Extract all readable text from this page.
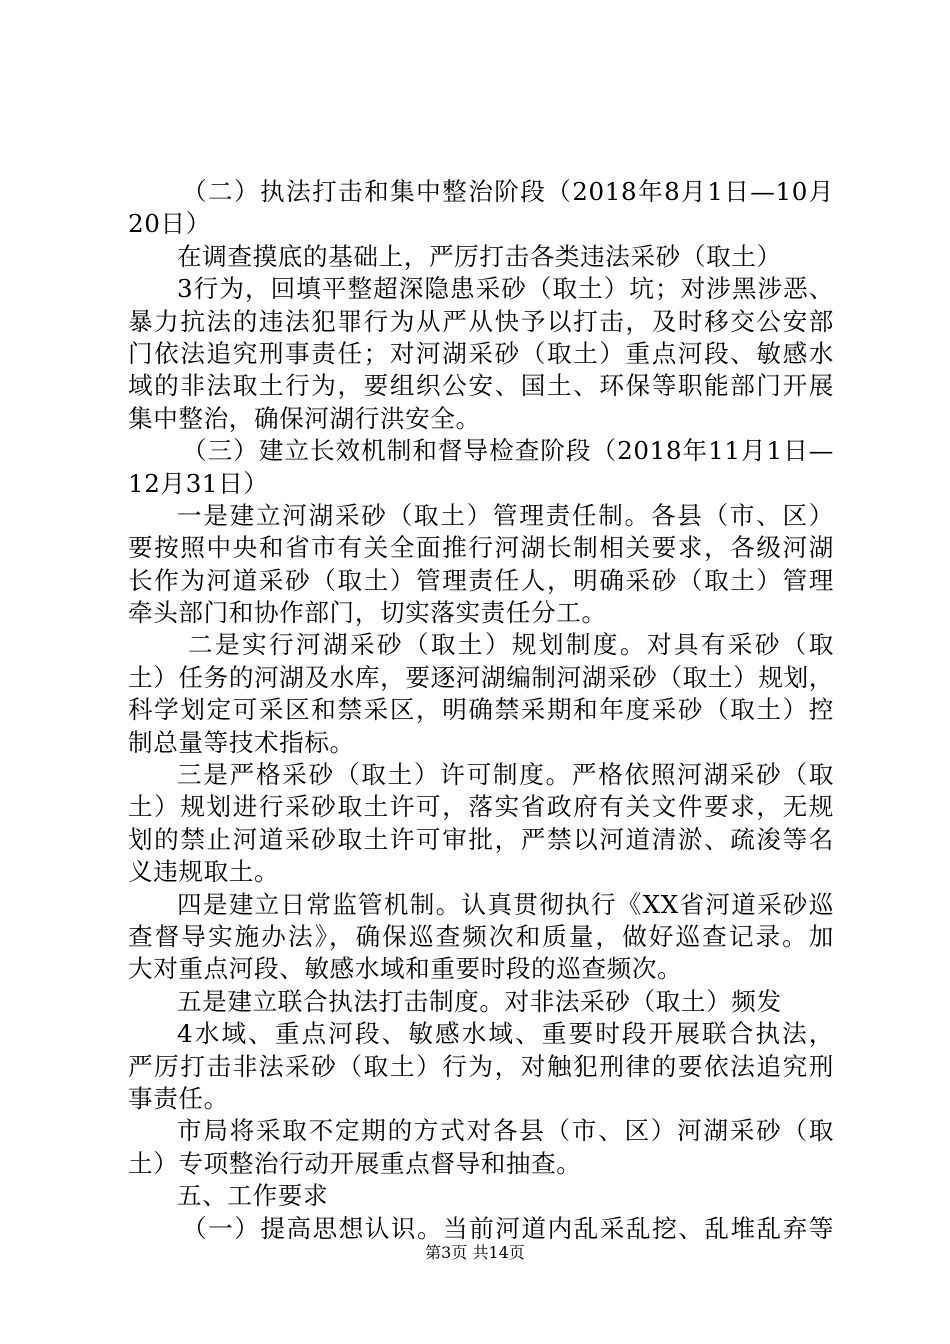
（二）执法打击和集中整治阶段（2018年8月1日—10月
20日）
在调查摸底的基础上，严厉打击各类违法采砂（取土）
3行为，回填平整超深隐患采砂（取土）坑；对涉黑涉恶、
暴力抗法的违法犯罪行为从严从快予以打击，及时移交公安部
门依法追究刑事责任；对河湖采砂（取土）重点河段、敏感水
域的非法取土行为，要组织公安、国土、环保等职能部门开展
集中整治，确保河湖行洪安全。
（三）建立长效机制和督导检查阶段（2018年11月1日—
12月31日）
一是建立河湖采砂（取土）管理责任制。各县（市、区）
要按照中央和省市有关全面推行河湖长制相关要求，各级河湖
长作为河道采砂（取土）管理责任人，明确采砂（取土）管理
牵头部门和协作部门，切实落实责任分工。
二是实行河湖采砂（取土）规划制度。对具有采砂（取
土）任务的河湖及水库，要逐河湖编制河湖采砂（取土）规划，
科学划定可采区和禁采区，明确禁采期和年度采砂（取土）控
制总量等技术指标。
三是严格采砂（取土）许可制度。严格依照河湖采砂（取
土）规划进行采砂取土许可，落实省政府有关文件要求，无规
划的禁止河道采砂取土许可审批，严禁以河道清淤、疏浚等名
义违规取土。
四是建立日常监管机制。认真贯彻执行《XX省河道采砂巡
查督导实施办法》，确保巡查频次和质量，做好巡查记录。加
大对重点河段、敏感水域和重要时段的巡查频次。
五是建立联合执法打击制度。对非法采砂（取土）频发
4水域、重点河段、敏感水域、重要时段开展联合执法，
严厉打击非法采砂（取土）行为，对触犯刑律的要依法追究刑
事责任。
市局将采取不定期的方式对各县（市、区）河湖采砂（取
土）专项整治行动开展重点督导和抽查。
五、工作要求
（一）提高思想认识。当前河道内乱采乱挖、乱堆乱弃等
第3页 共14页
